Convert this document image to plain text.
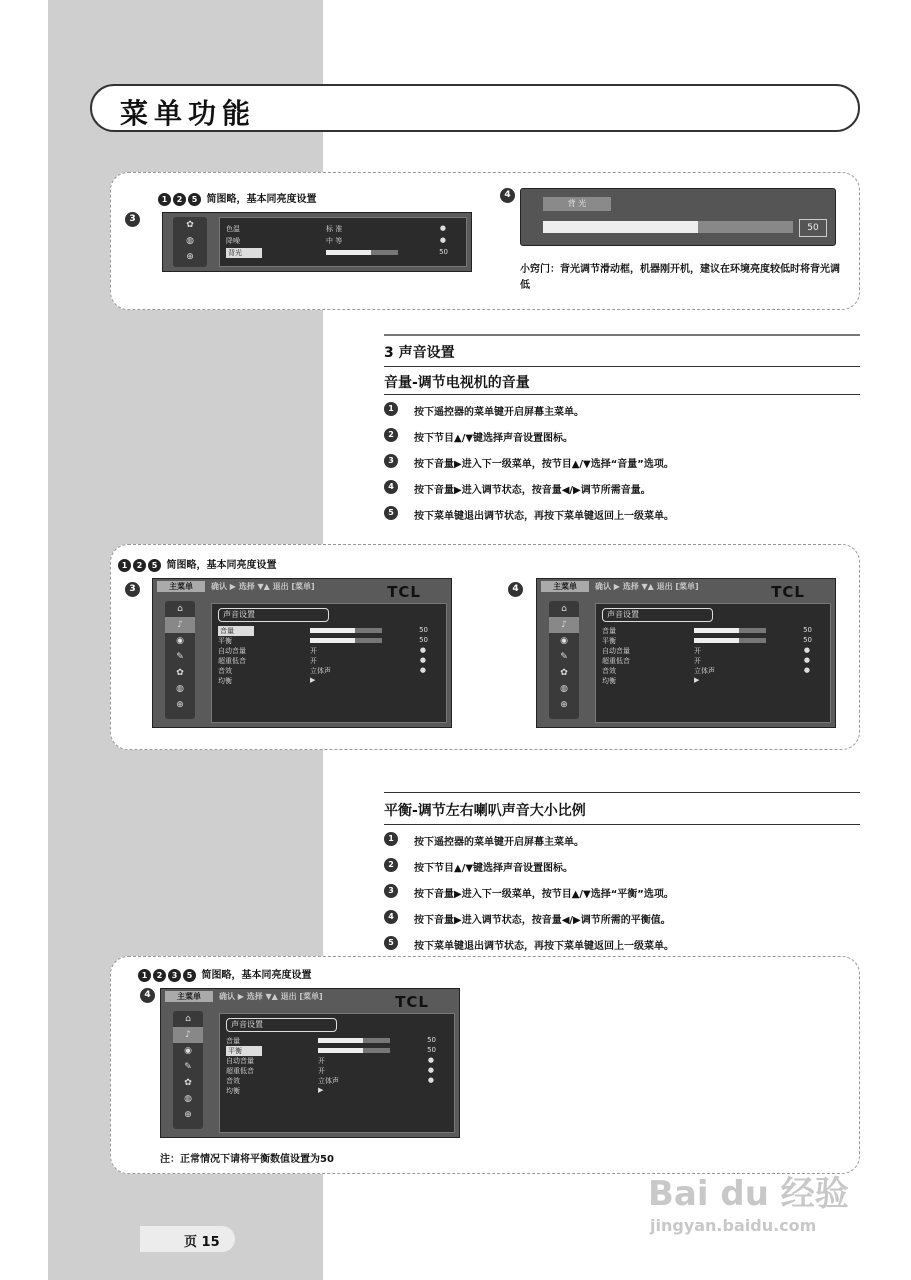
菜单功能
1 2 5 简图略，基本同亮度设置
3
✿
◍
⊕
色温	标 准	●
降噪	中 等	●
背光	50
4
背 光
50
小窍门：背光调节滑动框，机器刚开机，建议在环境亮度较低时将背光调低
3 声音设置
音量-调节电视机的音量
1	按下遥控器的菜单键开启屏幕主菜单。
2	按下节目▲/▼键选择声音设置图标。
3	按下音量▶进入下一级菜单，按节目▲/▼选择“音量”选项。
4	按下音量▶进入调节状态，按音量◀/▶调节所需音量。
5	按下菜单键退出调节状态，再按下菜单键返回上一级菜单。
1 2 5 简图略，基本同亮度设置
3	4
主菜单
⌂
♪
◉
✎
✿
◍
⊕
确认 ▶ 选择 ▼▲ 退出 [菜单]	TCL
声音设置
音量	50
平衡	50
自动音量	开	●
超重低音	开	●
音效	立体声	●
均衡	▶
主菜单
⌂
♪
◉
✎
✿
◍
⊕
确认 ▶ 选择 ▼▲ 退出 [菜单]	TCL
声音设置
音量	50
平衡	50
自动音量	开	●
超重低音	开	●
音效	立体声	●
均衡	▶
平衡-调节左右喇叭声音大小比例
1	按下遥控器的菜单键开启屏幕主菜单。
2	按下节目▲/▼键选择声音设置图标。
3	按下音量▶进入下一级菜单，按节目▲/▼选择“平衡”选项。
4	按下音量▶进入调节状态，按音量◀/▶调节所需的平衡值。
5	按下菜单键退出调节状态，再按下菜单键返回上一级菜单。
1 2 3 5 简图略，基本同亮度设置
4	主菜单
⌂
♪
◉
✎
✿
◍
⊕
确认 ▶ 选择 ▼▲ 退出 [菜单]	TCL
声音设置
音量	50
平衡	50
自动音量	开	●
超重低音	开	●
音效	立体声	●
均衡	▶
注：正常情况下请将平衡数值设置为50
页 15
Bai du 经验
jingyan.baidu.com
